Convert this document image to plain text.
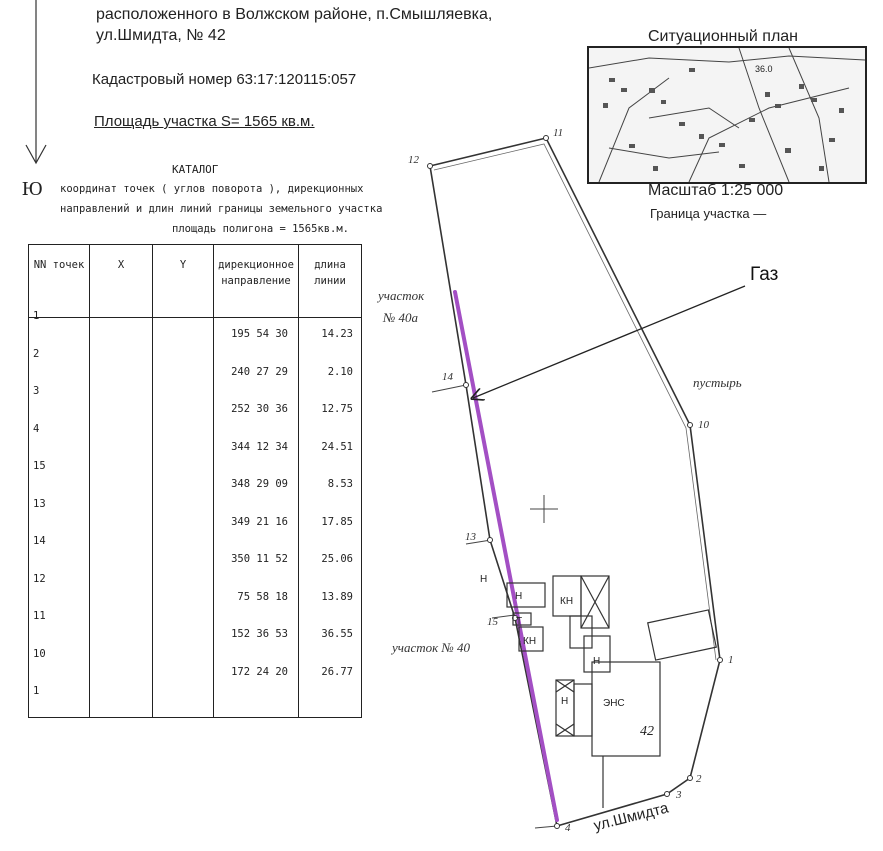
расположенного в Волжском районе, п.Смышляевка,
ул.Шмидта, № 42
Кадастровый номер 63:17:120115:057
Площадь участка S= 1565 кв.м.
Ю
КАТАЛОГ
координат точек ( углов поворота ), дирекционных
направлений и длин линий границы земельного участка
площадь полигона = 1565кв.м.
NN точек	X	Y	дирекционное направление	длина линии

1			195 54 30	14.23

2			240 27 29	2.10

3			252 30 36	12.75

4			344 12 34	24.51

15			348 29 09	8.53

13			349 21 16	17.85

14			350 11 52	25.06

12			75 58 18	13.89

11			152 36 53	36.55

10			172 24 20	26.77

1				

Ситуационный план
36.0
Масштаб 1:25 000
Граница участка —
Н	КН
Т
КН
Н
Н	ЭНС
Н
42
11
12
10
1
2
3
4
14
13
15
Газ
участок
№ 40а
участок № 40
пустырь
ул.Шмидта
